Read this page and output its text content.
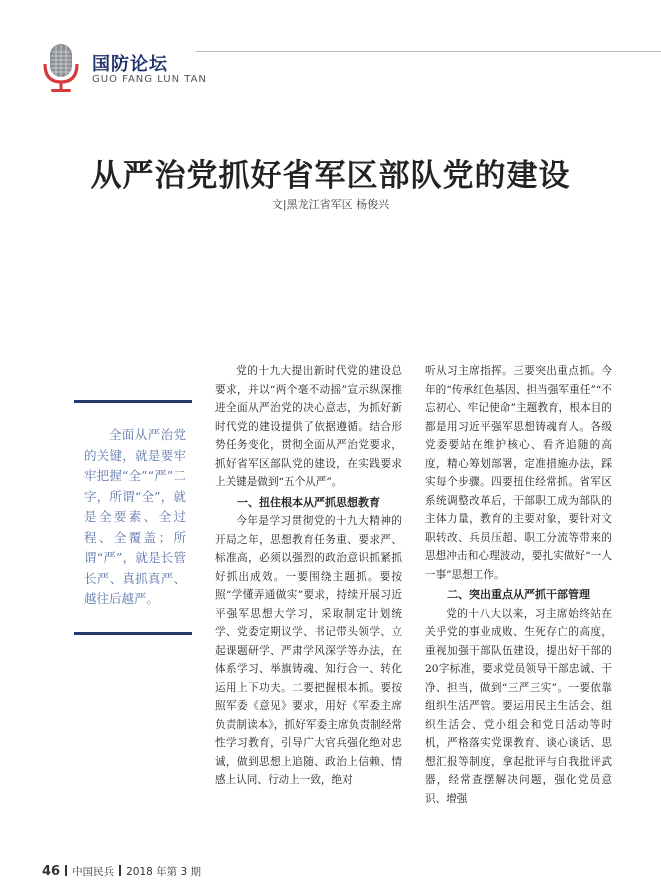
国防论坛
GUO FANG LUN TAN
从严治党抓好省军区部队党的建设
文|黑龙江省军区 杨俊兴
全面从严治党的关键，就是要牢牢把握“全”“严”二字，所谓“全”，就是全要素、全过程、全覆盖；所谓“严”，就是长管长严、真抓真严、越往后越严。

党的十九大提出新时代党的建设总要求，并以“两个毫不动摇”宣示纵深推进全面从严治党的决心意志，为抓好新时代党的建设提供了依据遵循。结合形势任务变化，贯彻全面从严治党要求，抓好省军区部队党的建设，在实践要求上关键是做到“五个从严”。

一、扭住根本从严抓思想教育

今年是学习贯彻党的十九大精神的开局之年，思想教育任务重、要求严、标准高，必须以强烈的政治意识抓紧抓好抓出成效。一要围绕主题抓。要按照“学懂弄通做实”要求，持续开展习近平强军思想大学习，采取制定计划统学、党委定期议学、书记带头领学、立起课题研学、严肃学风深学等办法，在体系学习、举旗铸魂、知行合一、转化运用上下功夫。二要把握根本抓。要按照军委《意见》要求，用好《军委主席负责制读本》，抓好军委主席负责制经常性学习教育，引导广大官兵强化绝对忠诚，做到思想上追随、政治上信赖、情感上认同、行动上一致，绝对

听从习主席指挥。三要突出重点抓。今年的“传承红色基因、担当强军重任”“不忘初心、牢记使命”主题教育，根本目的都是用习近平强军思想铸魂育人。各级党委要站在维护核心、看齐追随的高度，精心筹划部署，定准措施办法，踩实每个步骤。四要扭住经常抓。省军区系统调整改革后，干部职工成为部队的主体力量，教育的主要对象，要针对文职转改、兵员压超、职工分流等带来的思想冲击和心理波动，要扎实做好“一人一事”思想工作。

二、突出重点从严抓干部管理

党的十八大以来，习主席始终站在关乎党的事业成败、生死存亡的高度，重视加强干部队伍建设，提出好干部的20字标准，要求党员领导干部忠诚、干净、担当，做到“三严三实”。一要依靠组织生活严管。要运用民主生活会、组织生活会、党小组会和党日活动等时机，严格落实党课教育、谈心谈话、思想汇报等制度，拿起批评与自我批评武器，经常查摆解决问题，强化党员意识、增强

46 中国民兵 2018 年第 3 期
